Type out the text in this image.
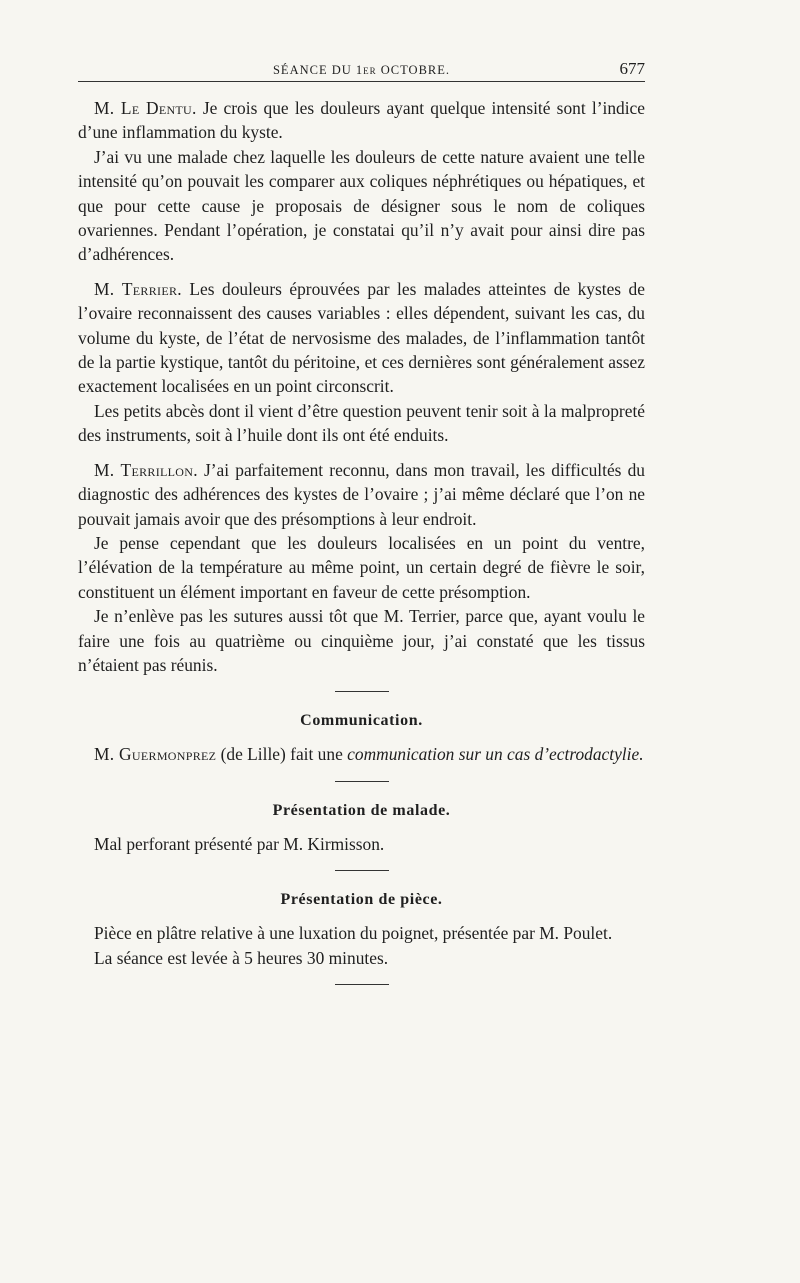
SÉANCE DU 1er OCTOBRE.	677

M. Le Dentu. Je crois que les douleurs ayant quelque intensité sont l’indice d’une inflammation du kyste.

J’ai vu une malade chez laquelle les douleurs de cette nature avaient une telle intensité qu’on pouvait les comparer aux coliques néphrétiques ou hépatiques, et que pour cette cause je proposais de désigner sous le nom de coliques ovariennes. Pendant l’opération, je constatai qu’il n’y avait pour ainsi dire pas d’adhérences.

M. Terrier. Les douleurs éprouvées par les malades atteintes de kystes de l’ovaire reconnaissent des causes variables : elles dépendent, suivant les cas, du volume du kyste, de l’état de nervosisme des malades, de l’inflammation tantôt de la partie kystique, tantôt du péritoine, et ces dernières sont généralement assez exactement localisées en un point circonscrit.

Les petits abcès dont il vient d’être question peuvent tenir soit à la malpropreté des instruments, soit à l’huile dont ils ont été enduits.

M. Terrillon. J’ai parfaitement reconnu, dans mon travail, les difficultés du diagnostic des adhérences des kystes de l’ovaire ; j’ai même déclaré que l’on ne pouvait jamais avoir que des présomptions à leur endroit.

Je pense cependant que les douleurs localisées en un point du ventre, l’élévation de la température au même point, un certain degré de fièvre le soir, constituent un élément important en faveur de cette présomption.

Je n’enlève pas les sutures aussi tôt que M. Terrier, parce que, ayant voulu le faire une fois au quatrième ou cinquième jour, j’ai constaté que les tissus n’étaient pas réunis.

Communication.

M. Guermonprez (de Lille) fait une communication sur un cas d’ectrodactylie.

Présentation de malade.

Mal perforant présenté par M. Kirmisson.

Présentation de pièce.

Pièce en plâtre relative à une luxation du poignet, présentée par M. Poulet.

La séance est levée à 5 heures 30 minutes.
